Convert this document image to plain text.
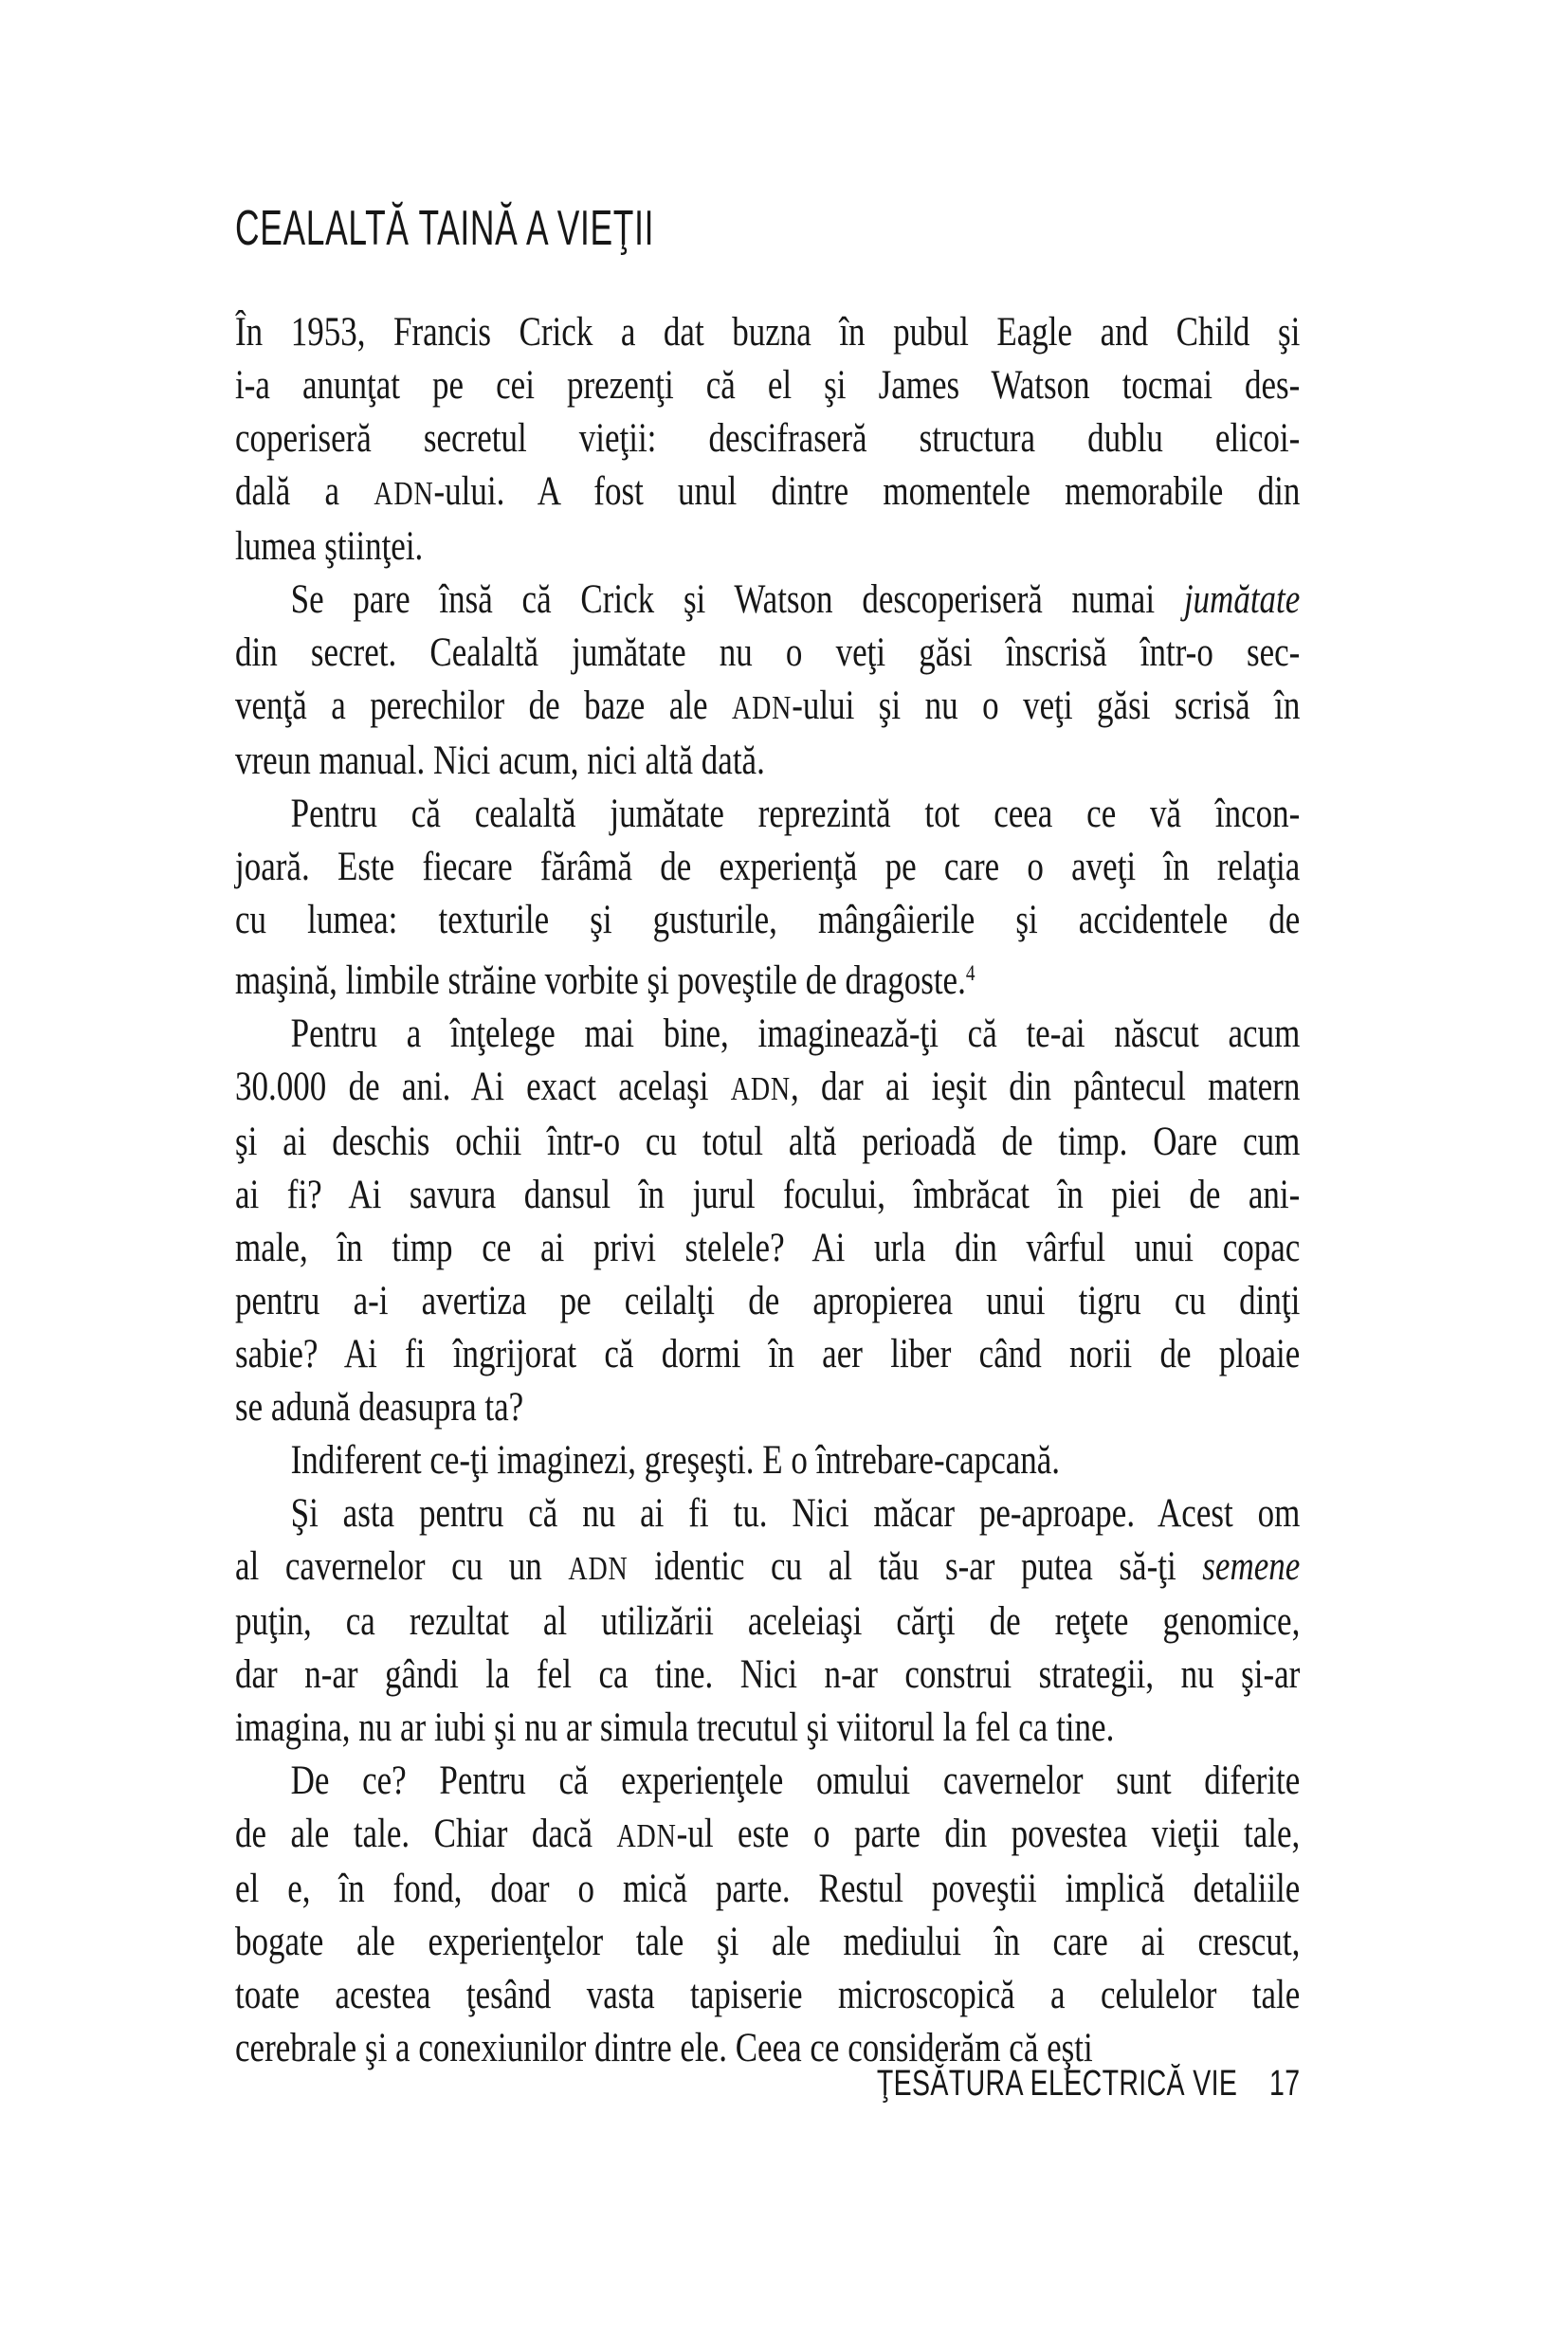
CEALALTĂ TAINĂ A VIEŢII
În 1953, Francis Crick a dat buzna în pubul Eagle and Child şi
i-a anunţat pe cei prezenţi că el şi James Watson tocmai des-
coperiseră secretul vieţii: descifraseră structura dublu elicoi-
dală a ADN-ului. A fost unul dintre momentele memorabile din
lumea ştiinţei.
Se pare însă că Crick şi Watson descoperiseră numai jumătate
din secret. Cealaltă jumătate nu o veţi găsi înscrisă într-o sec-
venţă a perechilor de baze ale ADN-ului şi nu o veţi găsi scrisă în
vreun manual. Nici acum, nici altă dată.
Pentru că cealaltă jumătate reprezintă tot ceea ce vă încon-
joară. Este fiecare fărâmă de experienţă pe care o aveţi în relaţia
cu lumea: texturile şi gusturile, mângâierile şi accidentele de
maşină, limbile străine vorbite şi poveştile de dragoste.$^4$
Pentru a înţelege mai bine, imaginează-ţi că te-ai născut acum
30.000 de ani. Ai exact acelaşi ADN, dar ai ieşit din pântecul matern
şi ai deschis ochii într-o cu totul altă perioadă de timp. Oare cum
ai fi? Ai savura dansul în jurul focului, îmbrăcat în piei de ani-
male, în timp ce ai privi stelele? Ai urla din vârful unui copac
pentru a-i avertiza pe ceilalţi de apropierea unui tigru cu dinţi
sabie? Ai fi îngrijorat că dormi în aer liber când norii de ploaie
se adună deasupra ta?
Indiferent ce-ţi imaginezi, greşeşti. E o întrebare-capcană.
Şi asta pentru că nu ai fi tu. Nici măcar pe-aproape. Acest om
al cavernelor cu un ADN identic cu al tău s-ar putea să-ţi semene
puţin, ca rezultat al utilizării aceleiaşi cărţi de reţete genomice,
dar n-ar gândi la fel ca tine. Nici n-ar construi strategii, nu şi-ar
imagina, nu ar iubi şi nu ar simula trecutul şi viitorul la fel ca tine.
De ce? Pentru că experienţele omului cavernelor sunt diferite
de ale tale. Chiar dacă ADN-ul este o parte din povestea vieţii tale,
el e, în fond, doar o mică parte. Restul poveştii implică detaliile
bogate ale experienţelor tale şi ale mediului în care ai crescut,
toate acestea ţesând vasta tapiserie microscopică a celulelor tale
cerebrale şi a conexiunilor dintre ele. Ceea ce considerăm că eşti
ŢESĂTURA ELECTRICĂ VIE 17
